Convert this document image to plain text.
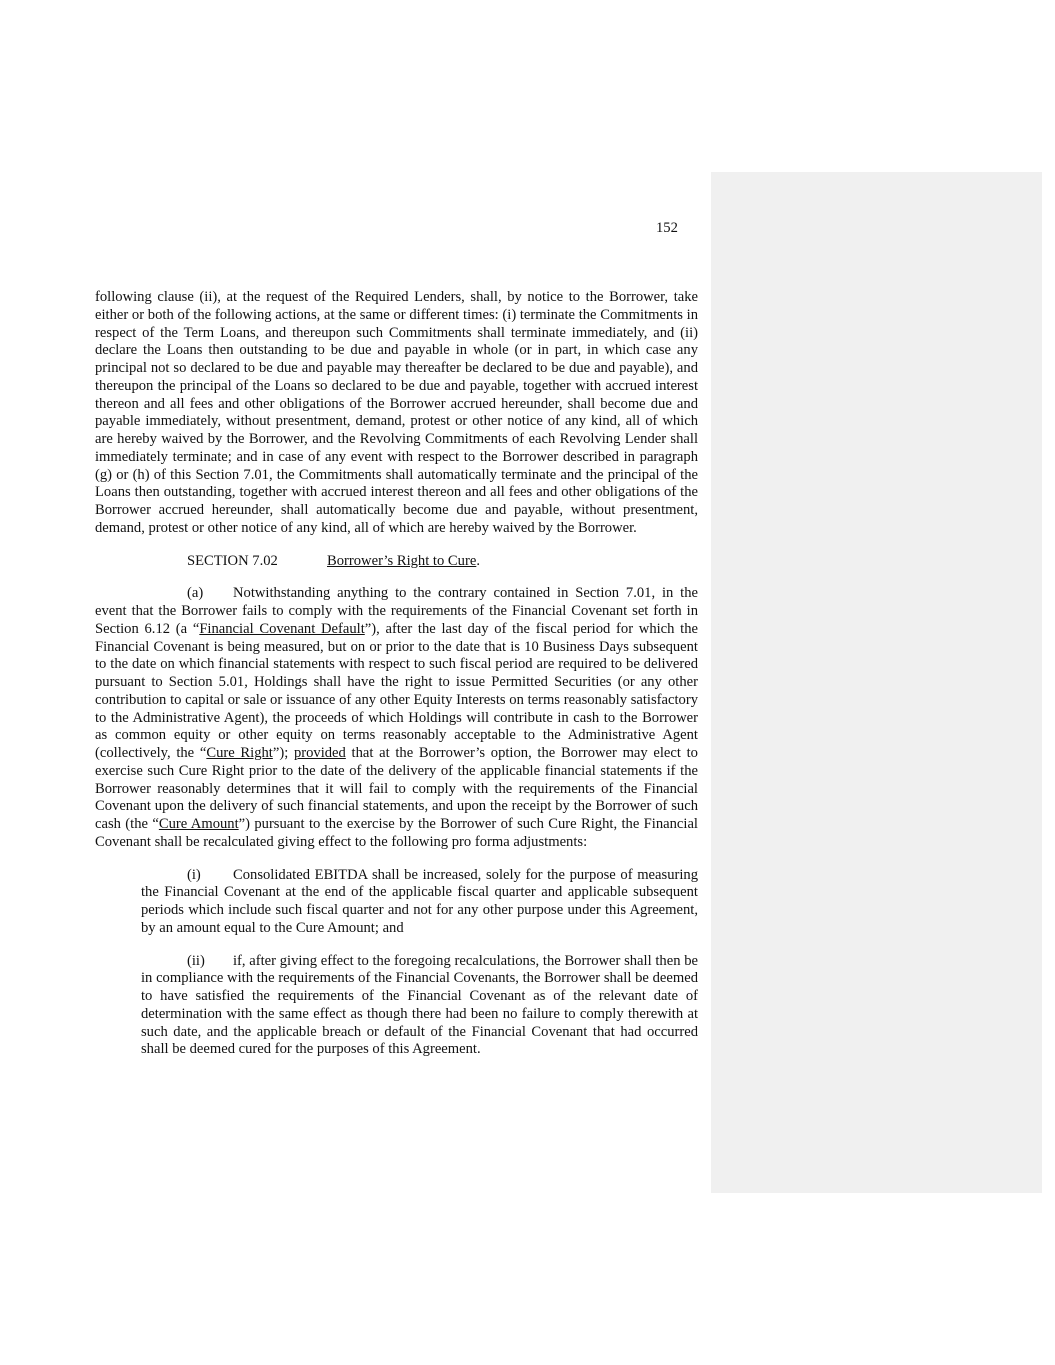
152

following clause (ii), at the request of the Required Lenders, shall, by notice to the Borrower, take either or both of the following actions, at the same or different times: (i) terminate the Commitments in respect of the Term Loans, and thereupon such Commitments shall terminate immediately, and (ii) declare the Loans then outstanding to be due and payable in whole (or in part, in which case any principal not so declared to be due and payable may thereafter be declared to be due and payable), and thereupon the principal of the Loans so declared to be due and payable, together with accrued interest thereon and all fees and other obligations of the Borrower accrued hereunder, shall become due and payable immediately, without presentment, demand, protest or other notice of any kind, all of which are hereby waived by the Borrower, and the Revolving Commitments of each Revolving Lender shall immediately terminate; and in case of any event with respect to the Borrower described in paragraph (g) or (h) of this Section 7.01, the Commitments shall automatically terminate and the principal of the Loans then outstanding, together with accrued interest thereon and all fees and other obligations of the Borrower accrued hereunder, shall automatically become due and payable, without presentment, demand, protest or other notice of any kind, all of which are hereby waived by the Borrower.

SECTION 7.02	Borrower’s Right to Cure.

(a) Notwithstanding anything to the contrary contained in Section 7.01, in the event that the Borrower fails to comply with the requirements of the Financial Covenant set forth in Section 6.12 (a “Financial Covenant Default”), after the last day of the fiscal period for which the Financial Covenant is being measured, but on or prior to the date that is 10 Business Days subsequent to the date on which financial statements with respect to such fiscal period are required to be delivered pursuant to Section 5.01, Holdings shall have the right to issue Permitted Securities (or any other contribution to capital or sale or issuance of any other Equity Interests on terms reasonably satisfactory to the Administrative Agent), the proceeds of which Holdings will contribute in cash to the Borrower as common equity or other equity on terms reasonably acceptable to the Administrative Agent (collectively, the “Cure Right”); provided that at the Borrower’s option, the Borrower may elect to exercise such Cure Right prior to the date of the delivery of the applicable financial statements if the Borrower reasonably determines that it will fail to comply with the requirements of the Financial Covenant upon the delivery of such financial statements, and upon the receipt by the Borrower of such cash (the “Cure Amount”) pursuant to the exercise by the Borrower of such Cure Right, the Financial Covenant shall be recalculated giving effect to the following pro forma adjustments:

(i) Consolidated EBITDA shall be increased, solely for the purpose of measuring the Financial Covenant at the end of the applicable fiscal quarter and applicable subsequent periods which include such fiscal quarter and not for any other purpose under this Agreement, by an amount equal to the Cure Amount; and

(ii) if, after giving effect to the foregoing recalculations, the Borrower shall then be in compliance with the requirements of the Financial Covenants, the Borrower shall be deemed to have satisfied the requirements of the Financial Covenant as of the relevant date of determination with the same effect as though there had been no failure to comply therewith at such date, and the applicable breach or default of the Financial Covenant that had occurred shall be deemed cured for the purposes of this Agreement.
